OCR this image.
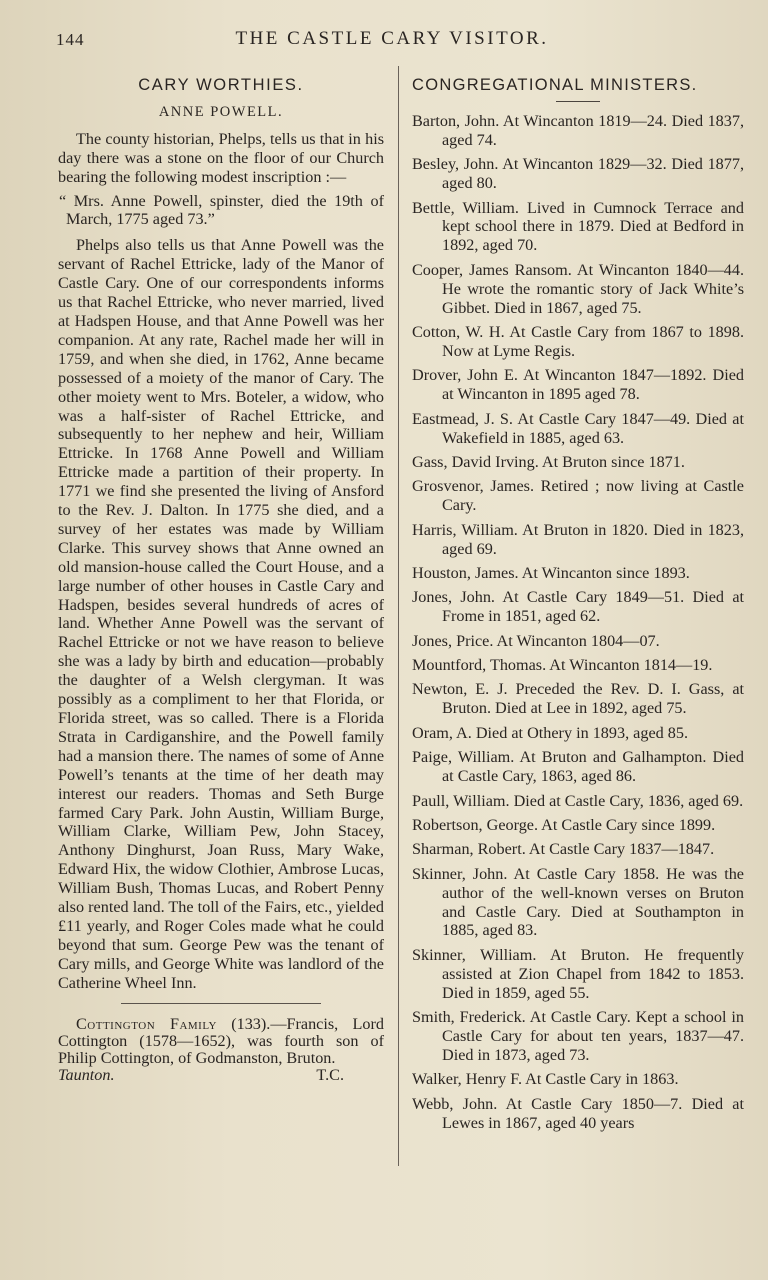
144	THE CASTLE CARY VISITOR.
CARY WORTHIES.
ANNE POWELL.

The county historian, Phelps, tells us that in his day there was a stone on the floor of our Church bearing the following modest inscription :—

“ Mrs. Anne Powell, spinster, died the 19th of March, 1775 aged 73.”

Phelps also tells us that Anne Powell was the servant of Rachel Ettricke, lady of the Manor of Castle Cary. One of our correspondents informs us that Rachel Ettricke, who never married, lived at Hadspen House, and that Anne Powell was her companion. At any rate, Rachel made her will in 1759, and when she died, in 1762, Anne became possessed of a moiety of the manor of Cary. The other moiety went to Mrs. Boteler, a widow, who was a half-sister of Rachel Ettricke, and subsequently to her nephew and heir, William Ettricke. In 1768 Anne Powell and William Ettricke made a partition of their property. In 1771 we find she presented the living of Ansford to the Rev. J. Dalton. In 1775 she died, and a survey of her estates was made by William Clarke. This survey shows that Anne owned an old mansion-house called the Court House, and a large number of other houses in Castle Cary and Hadspen, besides several hundreds of acres of land. Whether Anne Powell was the servant of Rachel Ettricke or not we have reason to believe she was a lady by birth and education—probably the daughter of a Welsh clergyman. It was possibly as a compliment to her that Florida, or Florida street, was so called. There is a Florida Strata in Cardiganshire, and the Powell family had a mansion there. The names of some of Anne Powell’s tenants at the time of her death may interest our readers. Thomas and Seth Burge farmed Cary Park. John Austin, William Burge, William Clarke, William Pew, John Stacey, Anthony Dinghurst, Joan Russ, Mary Wake, Edward Hix, the widow Clothier, Ambrose Lucas, William Bush, Thomas Lucas, and Robert Penny also rented land. The toll of the Fairs, etc., yielded £11 yearly, and Roger Coles made what he could beyond that sum. George Pew was the tenant of Cary mills, and George White was landlord of the Catherine Wheel Inn.

Cottington Family (133).—Francis, Lord Cottington (1578—1652), was fourth son of Philip Cottington, of Godmanston, Bruton.

Taunton.	T.C.
CONGREGATIONAL MINISTERS.

Barton, John. At Wincanton 1819—24. Died 1837, aged 74.

Besley, John. At Wincanton 1829—32. Died 1877, aged 80.

Bettle, William. Lived in Cumnock Terrace and kept school there in 1879. Died at Bedford in 1892, aged 70.

Cooper, James Ransom. At Wincanton 1840—44. He wrote the romantic story of Jack White’s Gibbet. Died in 1867, aged 75.

Cotton, W. H. At Castle Cary from 1867 to 1898. Now at Lyme Regis.

Drover, John E. At Wincanton 1847—1892. Died at Wincanton in 1895 aged 78.

Eastmead, J. S. At Castle Cary 1847—49. Died at Wakefield in 1885, aged 63.

Gass, David Irving. At Bruton since 1871.

Grosvenor, James. Retired ; now living at Castle Cary.

Harris, William. At Bruton in 1820. Died in 1823, aged 69.

Houston, James. At Wincanton since 1893.

Jones, John. At Castle Cary 1849—51. Died at Frome in 1851, aged 62.

Jones, Price. At Wincanton 1804—07.

Mountford, Thomas. At Wincanton 1814—19.

Newton, E. J. Preceded the Rev. D. I. Gass, at Bruton. Died at Lee in 1892, aged 75.

Oram, A. Died at Othery in 1893, aged 85.

Paige, William. At Bruton and Galhampton. Died at Castle Cary, 1863, aged 86.

Paull, William. Died at Castle Cary, 1836, aged 69.

Robertson, George. At Castle Cary since 1899.

Sharman, Robert. At Castle Cary 1837—1847.

Skinner, John. At Castle Cary 1858. He was the author of the well-known verses on Bruton and Castle Cary. Died at Southampton in 1885, aged 83.

Skinner, William. At Bruton. He frequently assisted at Zion Chapel from 1842 to 1853. Died in 1859, aged 55.

Smith, Frederick. At Castle Cary. Kept a school in Castle Cary for about ten years, 1837—47. Died in 1873, aged 73.

Walker, Henry F. At Castle Cary in 1863.

Webb, John. At Castle Cary 1850—7. Died at Lewes in 1867, aged 40 years
